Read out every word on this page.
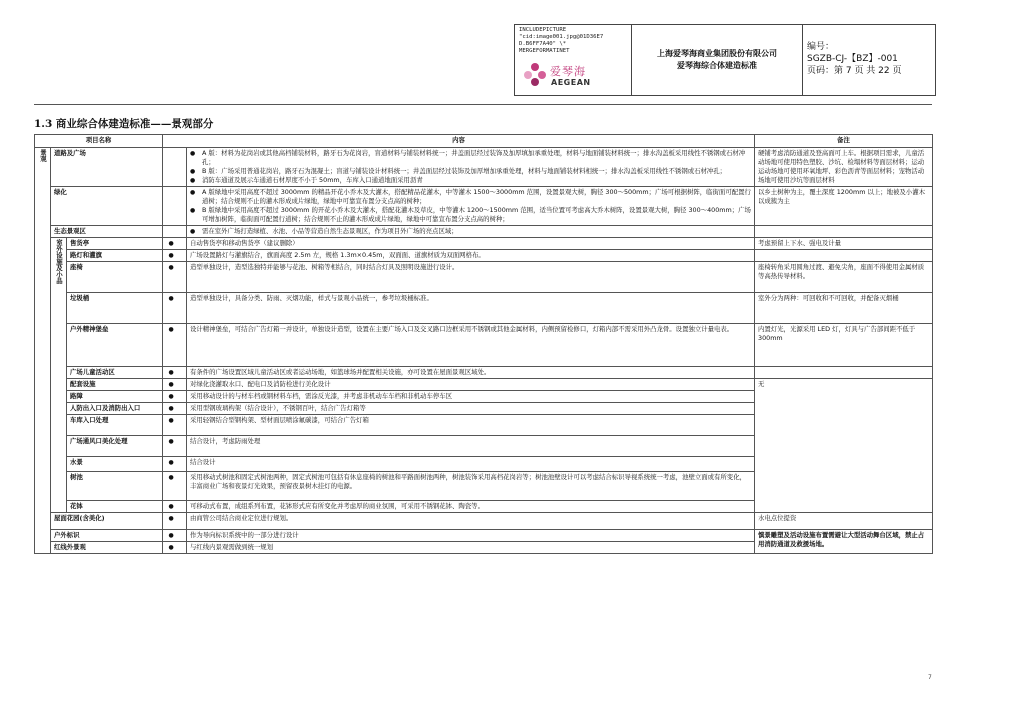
INCLUDEPICTURE
"cid:image001.jpg@01D36E7
D.B6FF7A40" \*
MERGEFORMATINET
爱琴海
AEGEAN
上海爱琴海商业集团股份有限公司
爱琴海综合体建造标准
编号：
SGZB-CJ-【BZ】-001
页码：第 7 页 共 22 页
1.3 商业综合体建造标准——景观部分
项目名称			内容		备注
景观	道路及广场			● A 版：材料为花岗岩或其他高档铺装材料，路牙石为花岗岩，盲道材料与铺装材料统一；井盖面层经过装饰及加厚填加承重处理，材料与地面铺装材料统一；排水沟盖板采用线性不锈钢或石材冲孔；
● B 版：广场采用普通花岗岩，路牙石为混凝土；盲道与铺装设计材料统一；井盖面层经过装饰及加厚增加承重处理，材料与地面铺装材料相统一；排水沟盖板采用线性不锈钢或石材冲孔；
● 消防车通道及展示车通道石材厚度不小于 50mm，车库入口通道地面采用沥青	硬铺考虑消防通道及登高面可上车。根据项目需求，儿童活动场地可使用特色塑胶、沙坑、检塌材料等面层材料；运动运动场地可使用环氧地坪、彩色沥青等面层材料；宠物活动场地可使用沙坑等面层材料
	绿化			● A 版绿地中采用高度不超过 3000mm 的精品开花小乔木及大灌木，搭配精品花灌木，中等灌木 1500～3000mm 范围，设置景观大树，胸径 300～500mm；广场可根据树阵，临街面可配置行道树；结合规则不止的灌木形成成片绿地，绿地中可靠宣布置分支点高的树种；
● B 版绿地中采用高度不超过 3000mm 的开花小乔木及大灌木，搭配花灌木及草皮，中等灌木 1200～1500mm 范围，适当位置可考虑高大乔木树阵，设置景观大树，胸径 300～400mm；广场可增加树阵，临街面可配置行道树；结合规则不止的灌木形成成片绿地，绿地中可靠宣布置分支点高的树种；	以乡土树种为主，覆土深度 1200mm 以上；地被及小灌木以成簇为主
	生态景观区			● 需在室外广场打造绿植、水池、小品等营造自然生态景观区，作为项目外广场的亮点区域；

	室外设施及小品	售货亭	●	自动售货亭和移动售货亭（建议删除）	考虑预留上下水、强电及计量
		路灯和灌旗	●	广场设置路灯与灌旗结合，旗面高度 2.5m 左，规格 1.3m×0.45m，双面面、道旗材质为双面网格布。	
		座椅	●	造型单独设计，造型选独特并能够与花池、树箱等相结合，同时结合灯具及照明设施进行设计。	座椅转角采用圆角过渡、避免尖角，座面不得使用金属材质等高热传导材料。
		垃圾桶	●	造型单独设计，具备分类、防雨、灭烟功能，样式与景观小品统一，参考垃圾桶标准。	室外分为两种：可回收和不可回收，并配备灭烟桶
		户外精神堡垒	●	设计精神堡垒，可结合广告灯箱一并设计，单独设计造型，设置在主要广场入口及交叉路口边框采用不锈钢或其他金属材料，内侧预留检修口，灯箱内部不需采用外凸龙骨。设置独立计量电表。	内置灯光，光源采用 LED 灯，灯具与广告部间距不低于 300mm
		广场儿童活动区	●	有条件的广场设置区域儿童活动区或者运动场地，如篮球场并配置相关设施，亦可设置在屋面景观区域处。	
		配套设施	●	对绿化浇灌取水口、配电口及消防栓进行美化设计	无
		路障	●	采用移动设计的与材车档或钢材料车档，需涂反光漆，并考虑非机动车车档和非机动车停车区	
		人防出入口及消防出入口	●	采用型钢玻璃构架（结合设计），不锈钢百叶，结合广告灯箱等	
		车库入口处理	●	采用轻钢结合型钢构架、型材面层喷涂氟碳漆，可结合广告灯箱	
		广场通风口美化处理	●	结合设计，考虑防雨处理	
		水景	●	结合设计	
		树池	●	采用移动式树池和固定式树池两种，固定式树池可包括有休息座椅的树池和平路面树池两种，树池装饰采用高档花岗岩等；树池池壁设计可以考虑结合标识导视系统统一考虑，池壁立面或有所变化，丰富商业广场和夜景灯光效果，预留夜景树木挂灯的电源。	
		花钵	●	可移动式布置，成组系列布置，花钵形式应有所变化并考虑厚的商业氛围，可采用不锈钢花钵、陶瓷等。	
	屋面花园(含美化)	●		由商管公司结合商业定位进行规划。	水电点位提资
	户外标识	●		作为导向标识系统中的一部分进行设计	慎景雕塑及活动设施布置需避让大型活动舞台区域，禁止占用消防通道及救援场地。
	红线外景观	●		与红线内景观需做到统一规划	
7
